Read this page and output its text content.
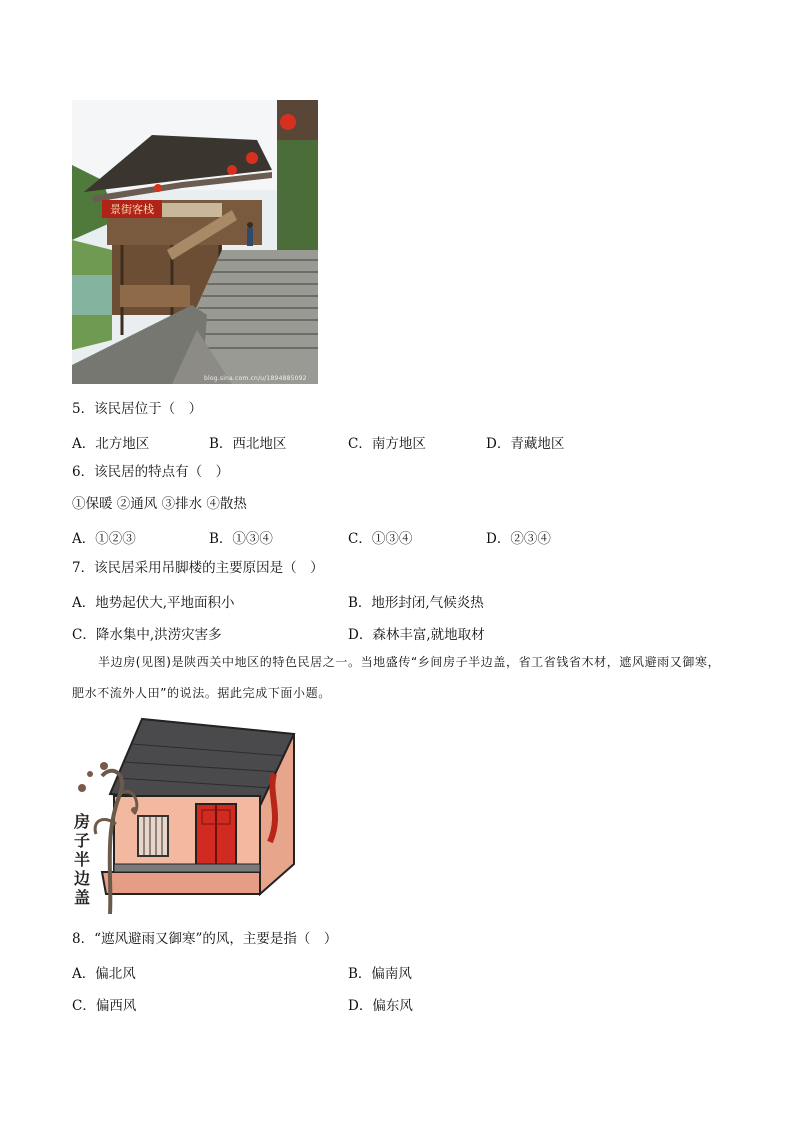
景街客栈
blog.sina.com.cn/u/1894885092
5．该民居位于（　）
A．北方地区	B．西北地区	C．南方地区	D．青藏地区
6．该民居的特点有（　）
①保暖 ②通风 ③排水 ④散热
A．①②③	B．①③④	C．①③④	D．②③④
7．该民居采用吊脚楼的主要原因是（　）
A．地势起伏大,平地面积小	B．地形封闭,气候炎热
C．降水集中,洪涝灾害多	D．森林丰富,就地取材
半边房(见图)是陕西关中地区的特色民居之一。当地盛传“乡间房子半边盖，省工省钱省木材，遮风避雨又御寒，肥水不流外人田”的说法。据此完成下面小题。
房
子
半
边
盖
8．“遮风避雨又御寒”的风，主要是指（　）
A．偏北风	B．偏南风
C．偏西风	D．偏东风
